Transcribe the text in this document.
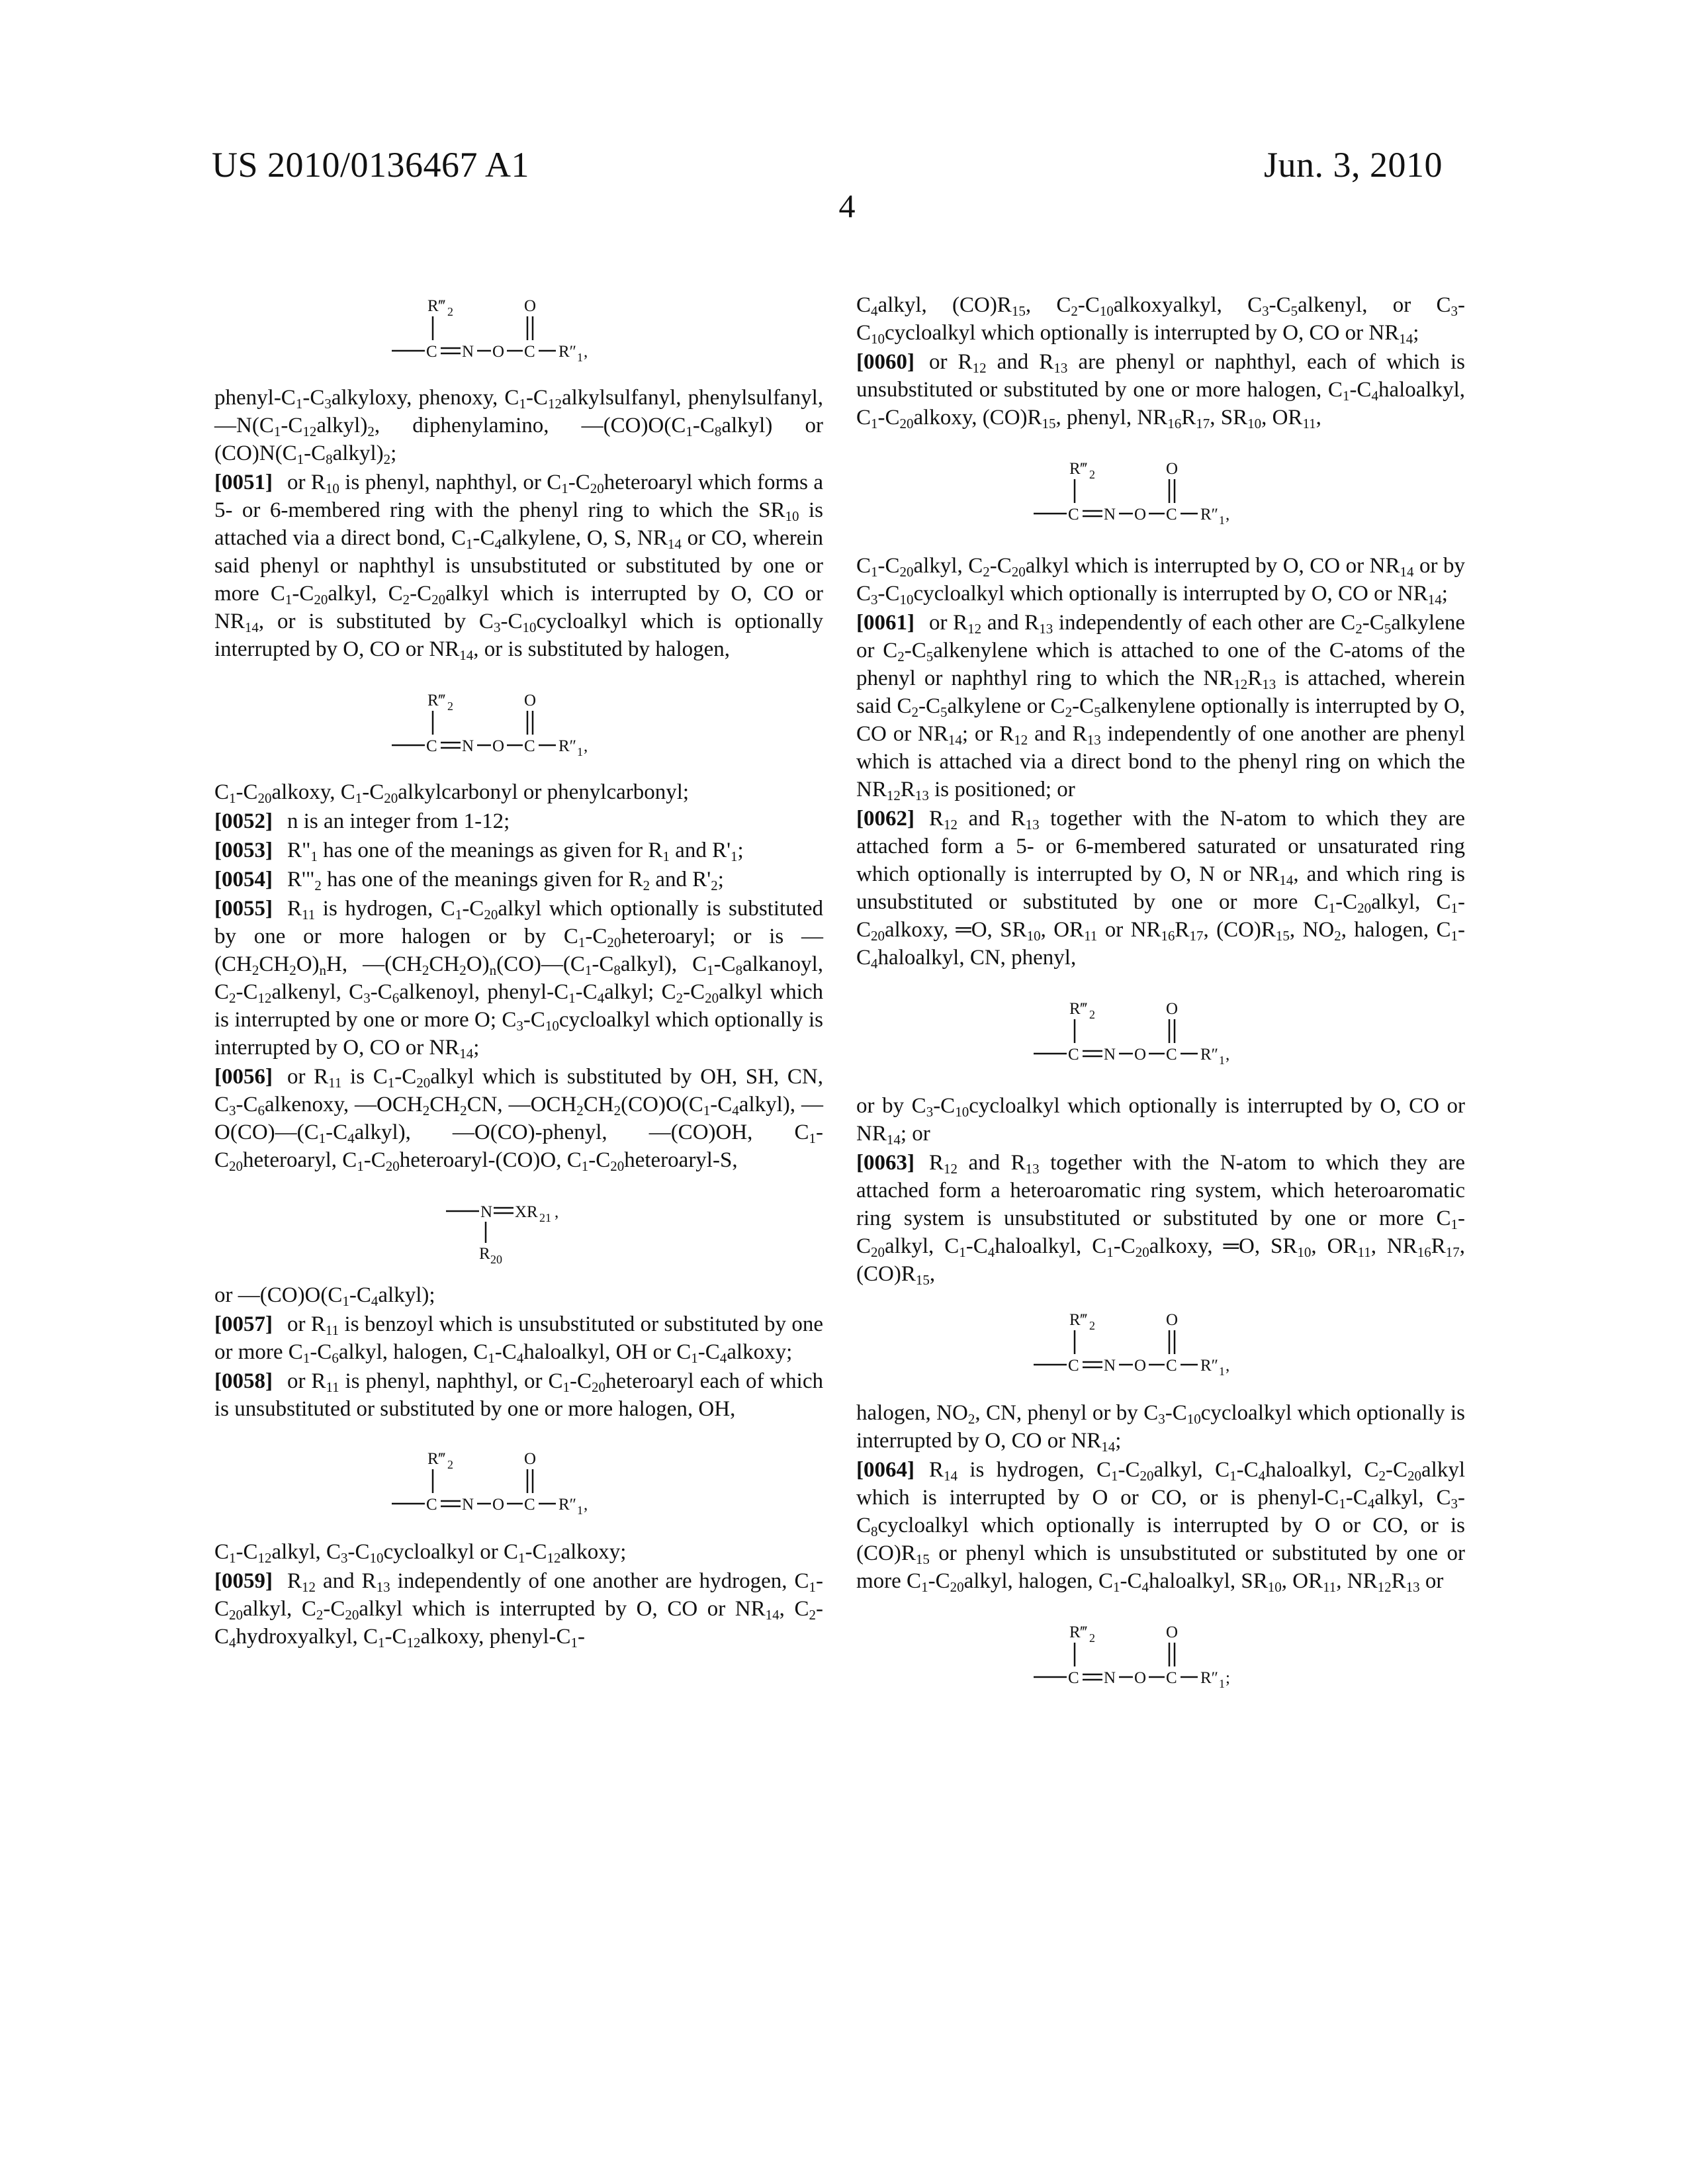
US 2010/0136467 A1	Jun. 3, 2010
4
R‴ 2
C N O C
O
R″ 1 ,

phenyl-C1-C3alkyloxy, phenoxy, C1-C12alkylsulfanyl, phenylsulfanyl, —N(C1-C12alkyl)2, diphenylamino, —(CO)O(C1-C8alkyl) or (CO)N(C1-C8alkyl)2;

[0051] or R10 is phenyl, naphthyl, or C1-C20heteroaryl which forms a 5- or 6-membered ring with the phenyl ring to which the SR10 is attached via a direct bond, C1-C4alkylene, O, S, NR14 or CO, wherein said phenyl or naphthyl is unsubstituted or substituted by one or more C1-C20alkyl, C2-C20alkyl which is interrupted by O, CO or NR14, or is substituted by C3-C10cycloalkyl which is optionally interrupted by O, CO or NR14, or is substituted by halogen,

R‴ 2
C N O C
O
R″ 1 ,

C1-C20alkoxy, C1-C20alkylcarbonyl or phenylcarbonyl;

[0052] n is an integer from 1-12;

[0053] R"1 has one of the meanings as given for R1 and R'1;

[0054] R'"2 has one of the meanings given for R2 and R'2;

[0055] R11 is hydrogen, C1-C20alkyl which optionally is substituted by one or more halogen or by C1-C20heteroaryl; or is —(CH2CH2O)nH, —(CH2CH2O)n(CO)—(C1-C8alkyl), C1-C8alkanoyl, C2-C12alkenyl, C3-C6alkenoyl, phenyl-C1-C4alkyl; C2-C20alkyl which is interrupted by one or more O; C3-C10cycloalkyl which optionally is interrupted by O, CO or NR14;

[0056] or R11 is C1-C20alkyl which is substituted by OH, SH, CN, C3-C6alkenoxy, —OCH2CH2CN, —OCH2CH2(CO)O(C1-C4alkyl), —O(CO)—(C1-C4alkyl), —O(CO)-phenyl, —(CO)OH, C1-C20heteroaryl, C1-C20heteroaryl-(CO)O, C1-C20heteroaryl-S,

N XR 21 ,
R 20

or —(CO)O(C1-C4alkyl);

[0057] or R11 is benzoyl which is unsubstituted or substituted by one or more C1-C6alkyl, halogen, C1-C4haloalkyl, OH or C1-C4alkoxy;

[0058] or R11 is phenyl, naphthyl, or C1-C20heteroaryl each of which is unsubstituted or substituted by one or more halogen, OH,

R‴ 2
C N O C
O
R″ 1 ,

C1-C12alkyl, C3-C10cycloalkyl or C1-C12alkoxy;

[0059] R12 and R13 independently of one another are hydrogen, C1-C20alkyl, C2-C20alkyl which is interrupted by O, CO or NR14, C2-C4hydroxyalkyl, C1-C12alkoxy, phenyl-C1-

C4alkyl, (CO)R15, C2-C10alkoxyalkyl, C3-C5alkenyl, or C3-C10cycloalkyl which optionally is interrupted by O, CO or NR14;

[0060] or R12 and R13 are phenyl or naphthyl, each of which is unsubstituted or substituted by one or more halogen, C1-C4haloalkyl, C1-C20alkoxy, (CO)R15, phenyl, NR16R17, SR10, OR11,

R‴ 2
C N O C
O
R″ 1 ,

C1-C20alkyl, C2-C20alkyl which is interrupted by O, CO or NR14 or by C3-C10cycloalkyl which optionally is interrupted by O, CO or NR14;

[0061] or R12 and R13 independently of each other are C2-C5alkylene or C2-C5alkenylene which is attached to one of the C-atoms of the phenyl or naphthyl ring to which the NR12R13 is attached, wherein said C2-C5alkylene or C2-C5alkenylene optionally is interrupted by O, CO or NR14; or R12 and R13 independently of one another are phenyl which is attached via a direct bond to the phenyl ring on which the NR12R13 is positioned; or

[0062] R12 and R13 together with the N-atom to which they are attached form a 5- or 6-membered saturated or unsaturated ring which optionally is interrupted by O, N or NR14, and which ring is unsubstituted or substituted by one or more C1-C20alkyl, C1-C20alkoxy, ═O, SR10, OR11 or NR16R17, (CO)R15, NO2, halogen, C1-C4haloalkyl, CN, phenyl,

R‴ 2
C N O C
O
R″ 1 ,

or by C3-C10cycloalkyl which optionally is interrupted by O, CO or NR14; or

[0063] R12 and R13 together with the N-atom to which they are attached form a heteroaromatic ring system, which heteroaromatic ring system is unsubstituted or substituted by one or more C1-C20alkyl, C1-C4haloalkyl, C1-C20alkoxy, ═O, SR10, OR11, NR16R17, (CO)R15,

R‴ 2
C N O C
O
R″ 1 ,

halogen, NO2, CN, phenyl or by C3-C10cycloalkyl which optionally is interrupted by O, CO or NR14;

[0064] R14 is hydrogen, C1-C20alkyl, C1-C4haloalkyl, C2-C20alkyl which is interrupted by O or CO, or is phenyl-C1-C4alkyl, C3-C8cycloalkyl which optionally is interrupted by O or CO, or is (CO)R15 or phenyl which is unsubstituted or substituted by one or more C1-C20alkyl, halogen, C1-C4haloalkyl, SR10, OR11, NR12R13 or

R‴ 2
C N O C
O
R″ 1 ;
